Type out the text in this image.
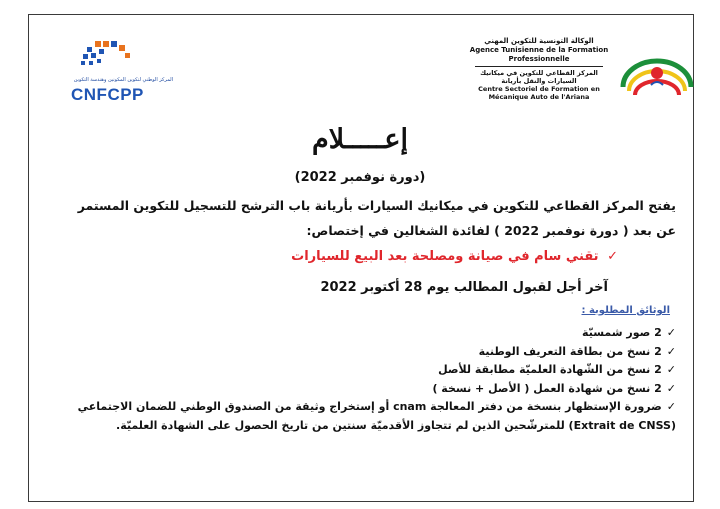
المركز الوطني لتكوين المكونين وهندسة التكوين
CNFCPP
الوكالة التونسية للتكوين المهني
Agence Tunisienne de la Formation
Professionnelle
المركز القطاعي للتكوين في ميكانيك
السيارات والنقل بأريانة
Centre Sectoriel de Formation en
Mécanique Auto de l'Ariana
إعـــــلام
(دورة نوفمبر 2022)
يفتح المركز القطاعي للتكوين في ميكانيك السيارات بأريانة باب الترشح للتسجيل للتكوين المستمر
عن بعد ( دورة نوفمبر 2022 ) لفائدة الشغالين في إختصاص:
✓ تقني سام في صيانة ومصلحة بعد البيع للسيارات
آخر أجل لقبول المطالب يوم 28 أكتوبر 2022
الوثائق المطلوبة :
✓2 صور شمسيّة
✓2 نسخ من بطاقة التعريف الوطنية
✓2 نسخ من الشّهادة العلميّة مطابقة للأصل
✓2 نسخ من شهادة العمل ( الأصل + نسخة )
✓ضرورة الإستظهار بنسخة من دفتر المعالجة cnam أو إستخراج وثيقة من الصندوق الوطني للضمان الاجتماعي
(Extrait de CNSS) للمترشّحين الذين لم تتجاوز الأقدميّة سنتين من تاريخ الحصول على الشهادة العلميّة.
